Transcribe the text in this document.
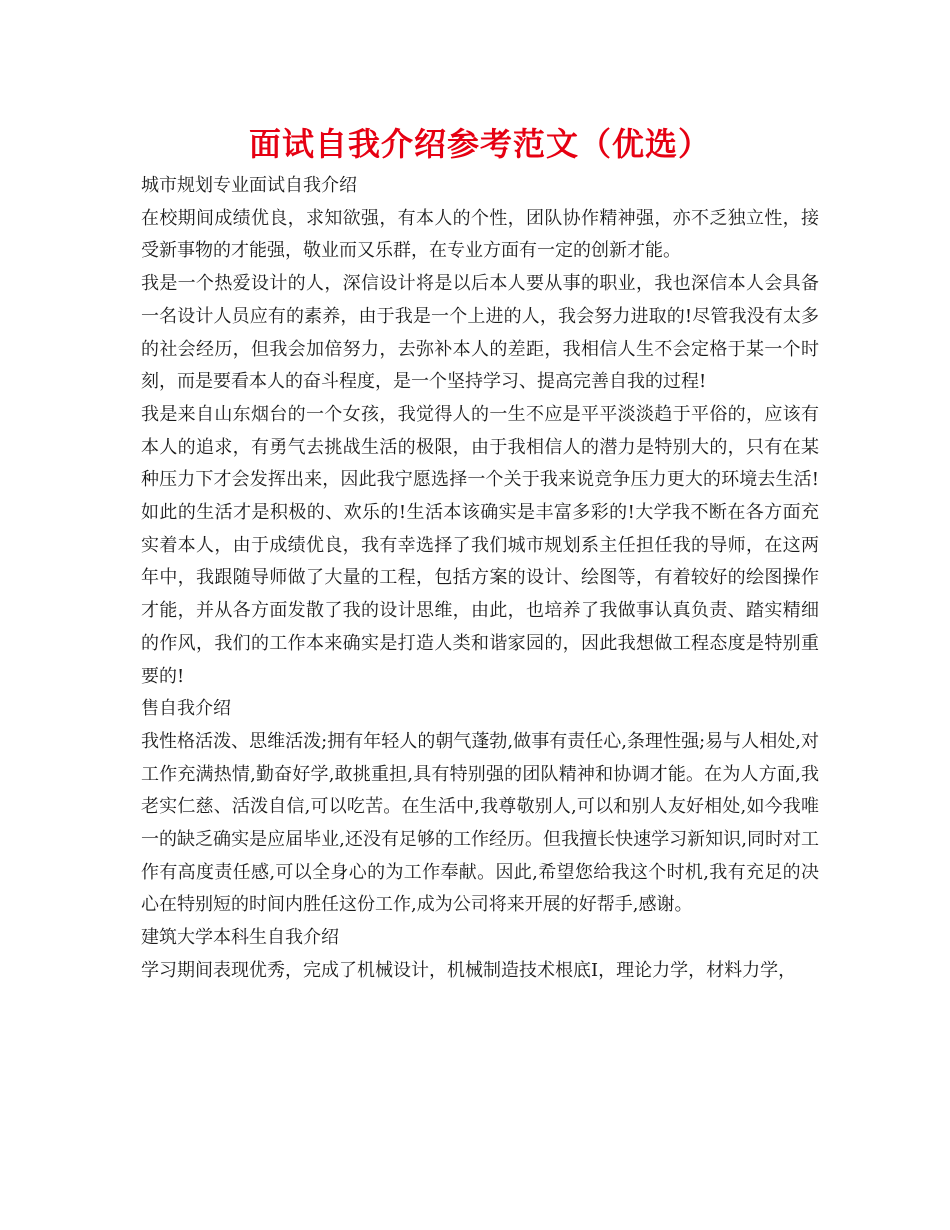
面试自我介绍参考范文（优选）

城市规划专业面试自我介绍

在校期间成绩优良，求知欲强，有本人的个性，团队协作精神强，亦不乏独立性，接受新事物的才能强，敬业而又乐群，在专业方面有一定的创新才能。

我是一个热爱设计的人，深信设计将是以后本人要从事的职业，我也深信本人会具备一名设计人员应有的素养，由于我是一个上进的人，我会努力进取的!尽管我没有太多的社会经历，但我会加倍努力，去弥补本人的差距，我相信人生不会定格于某一个时刻，而是要看本人的奋斗程度，是一个坚持学习、提高完善自我的过程!

我是来自山东烟台的一个女孩，我觉得人的一生不应是平平淡淡趋于平俗的，应该有本人的追求，有勇气去挑战生活的极限，由于我相信人的潜力是特别大的，只有在某种压力下才会发挥出来，因此我宁愿选择一个关于我来说竞争压力更大的环境去生活!如此的生活才是积极的、欢乐的!生活本该确实是丰富多彩的!大学我不断在各方面充实着本人，由于成绩优良，我有幸选择了我们城市规划系主任担任我的导师，在这两年中，我跟随导师做了大量的工程，包括方案的设计、绘图等，有着较好的绘图操作才能，并从各方面发散了我的设计思维，由此，也培养了我做事认真负责、踏实精细的作风，我们的工作本来确实是打造人类和谐家园的，因此我想做工程态度是特别重要的!

售自我介绍

我性格活泼、思维活泼;拥有年轻人的朝气蓬勃,做事有责任心,条理性强;易与人相处,对工作充满热情,勤奋好学,敢挑重担,具有特别强的团队精神和协调才能。在为人方面,我老实仁慈、活泼自信,可以吃苦。在生活中,我尊敬别人,可以和别人友好相处,如今我唯一的缺乏确实是应届毕业,还没有足够的工作经历。但我擅长快速学习新知识,同时对工作有高度责任感,可以全身心的为工作奉献。因此,希望您给我这个时机,我有充足的决心在特别短的时间内胜任这份工作,成为公司将来开展的好帮手,感谢。

建筑大学本科生自我介绍

学习期间表现优秀，完成了机械设计，机械制造技术根底Ⅰ，理论力学，材料力学，
